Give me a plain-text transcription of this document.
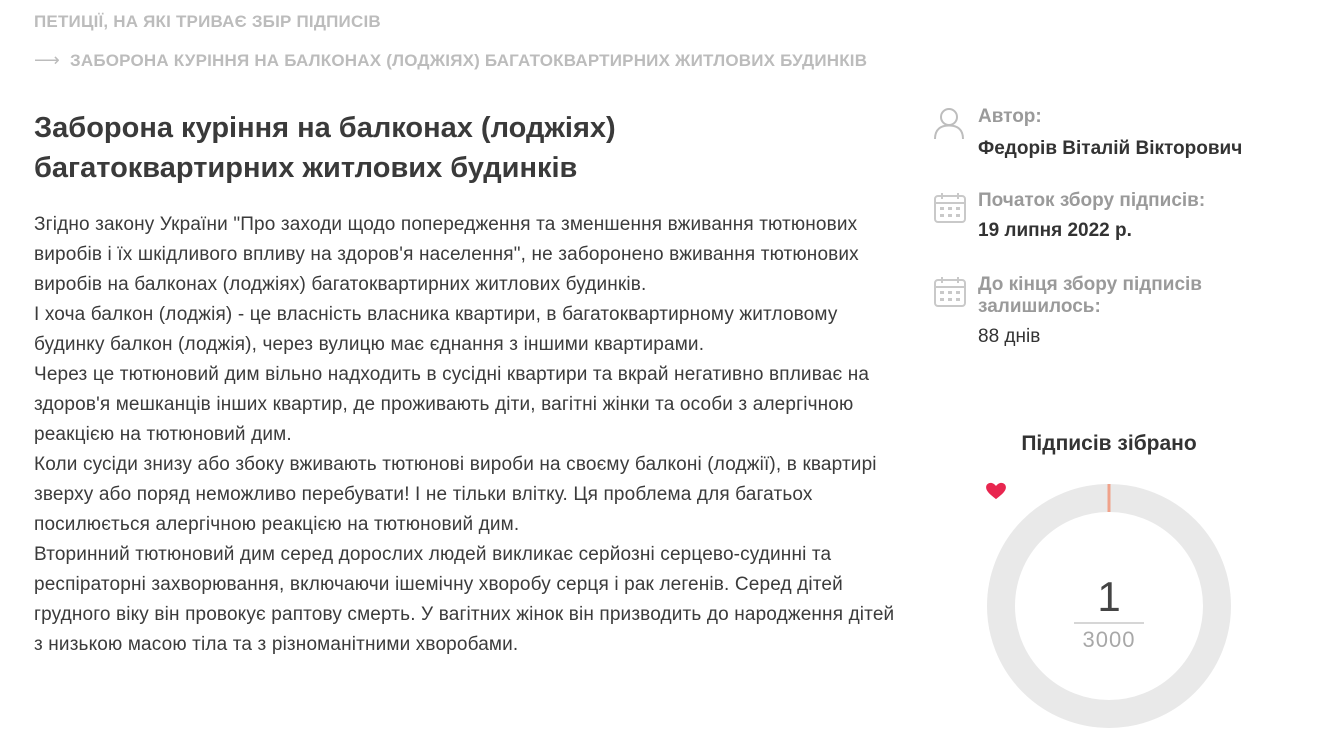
ПЕТИЦІЇ, НА ЯКІ ТРИВАЄ ЗБІР ПІДПИСІВ
⟶ ЗАБОРОНА КУРІННЯ НА БАЛКОНАХ (ЛОДЖІЯХ) БАГАТОКВАРТИРНИХ ЖИТЛОВИХ БУДИНКІВ
Заборона куріння на балконах (лоджіях)
багатоквартирних житлових будинків

Згідно закону України "Про заходи щодо попередження та зменшення вживання тютюнових виробів і їх шкідливого впливу на здоров'я населення", не заборонено вживання тютюнових виробів на балконах (лоджіях) багатоквартирних житлових будинків.

І хоча балкон (лоджія) - це власність власника квартири, в багатоквартирному житловому будинку балкон (лоджія), через вулицю має єднання з іншими квартирами.

Через це тютюновий дим вільно надходить в сусідні квартири та вкрай негативно впливає на здоров'я мешканців інших квартир, де проживають діти, вагітні жінки та особи з алергічною реакцією на тютюновий дим.

Коли сусіди знизу або збоку вживають тютюнові вироби на своєму балконі (лоджії), в квартирі зверху або поряд неможливо перебувати! І не тільки влітку. Ця проблема для багатьох посилюється алергічною реакцією на тютюновий дим.

Вторинний тютюновий дим серед дорослих людей викликає серйозні серцево-судинні та респіраторні захворювання, включаючи ішемічну хворобу серця і рак легенів. Серед дітей грудного віку він провокує раптову смерть. У вагітних жінок він призводить до народження дітей з низькою масою тіла та з різноманітними хворобами.

Автор:
Федорів Віталій Вікторович
Початок збору підписів:
19 липня 2022 р.
До кінця збору підписів залишилось:
88 днів
Підписів зібрано
1
3000
